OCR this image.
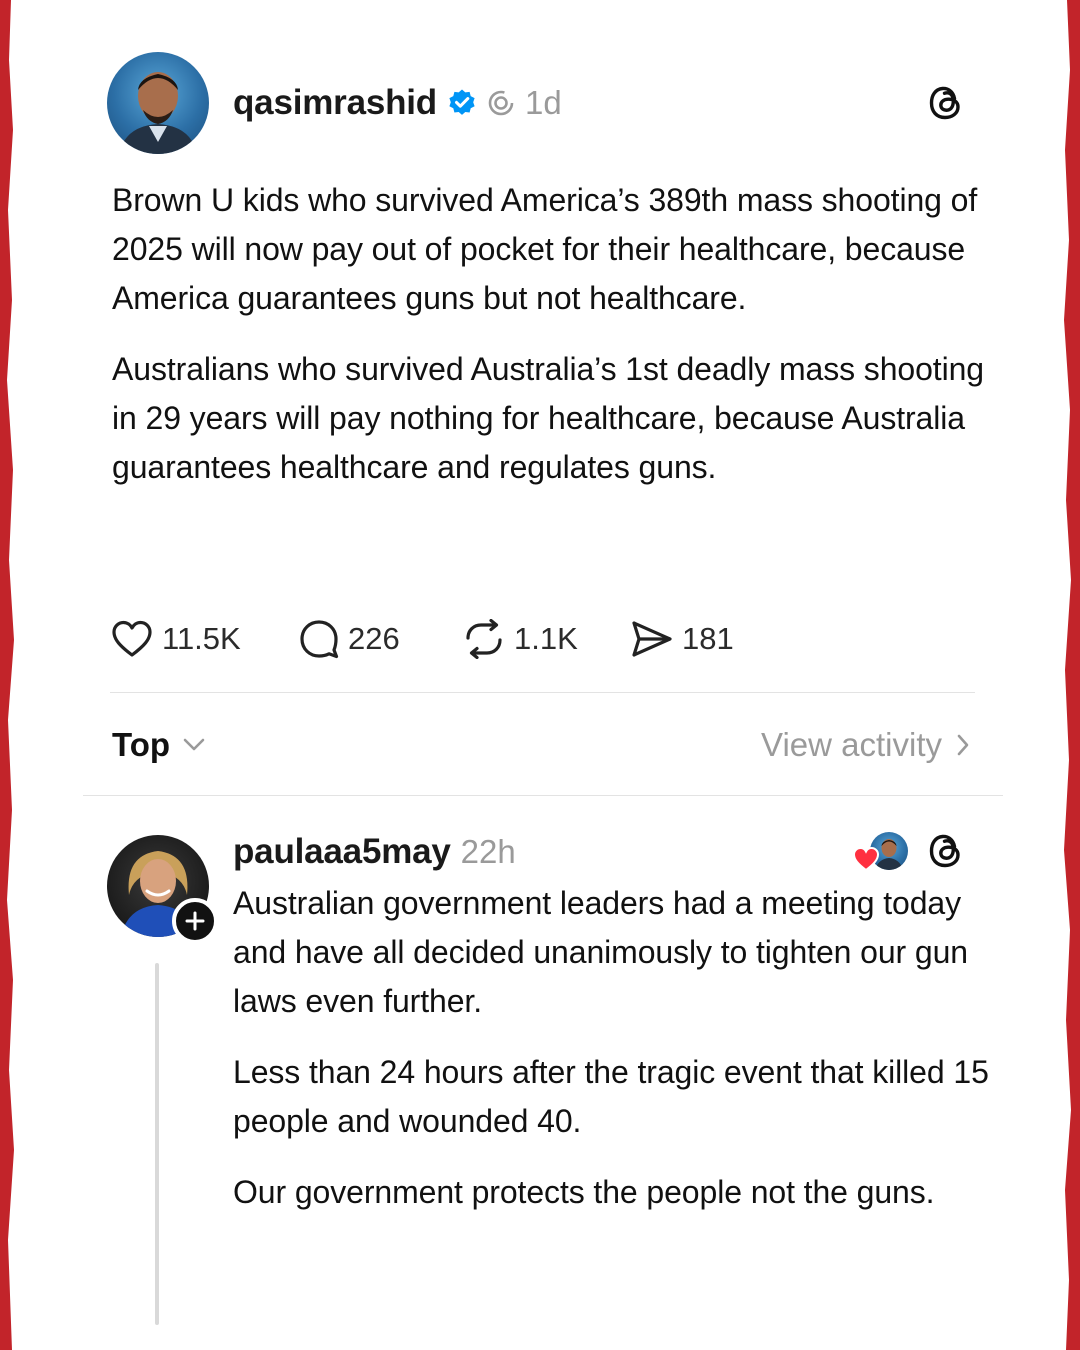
qasimrashid	1d

Brown U kids who survived America’s 389th mass shooting of 2025 will now pay out of pocket for their healthcare, because America guarantees guns but not healthcare.

Australians who survived Australia’s 1st deadly mass shooting in 29 years will pay nothing for healthcare, because Australia guarantees healthcare and regulates guns.

11.5K	226	1.1K	181
Top	View activity
paulaaa5may 22h

Australian government leaders had a meeting today and have all decided unanimously to tighten our gun laws even further.

Less than 24 hours after the tragic event that killed 15 people and wounded 40.

Our government protects the people not the guns.
